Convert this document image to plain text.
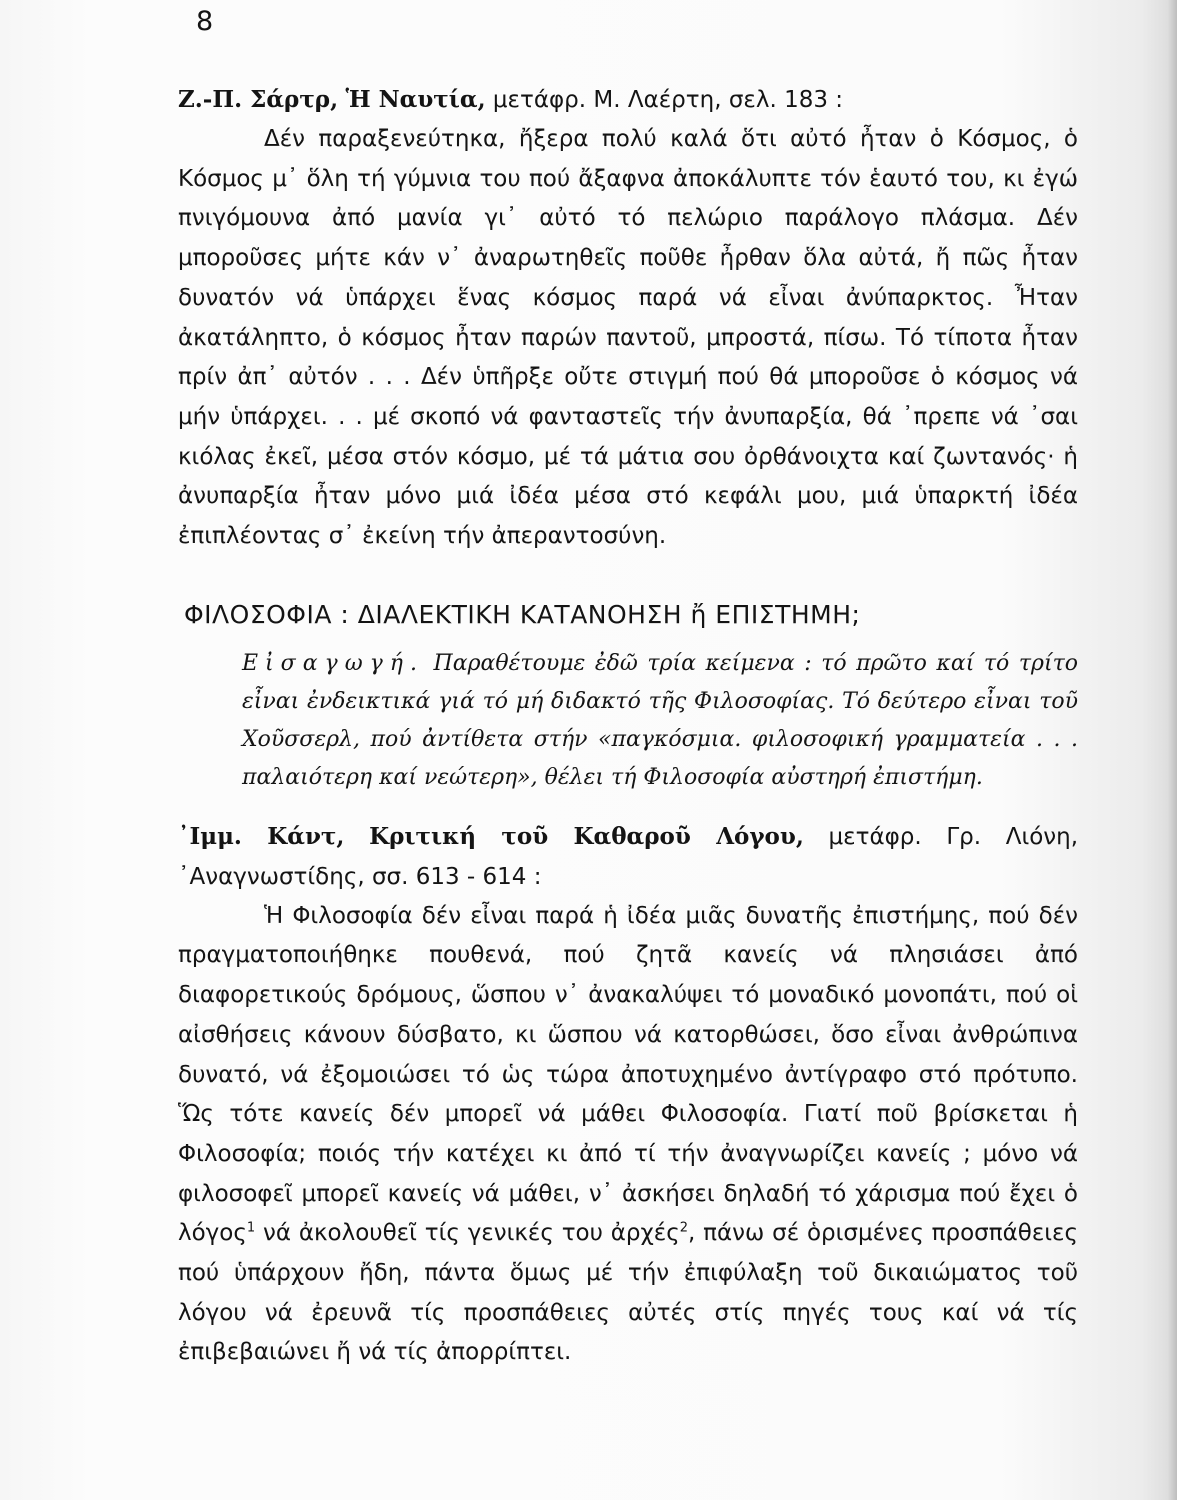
8

Ζ.-Π. Σάρτρ, Ἡ Ναυτία, μετάφρ. Μ. Λαέρτη, σελ. 183 :

Δέν παραξενεύτηκα, ἤξερα πολύ καλά ὅτι αὐτό ἦταν ὁ Κόσμος, ὁ Κόσμος μ᾽ ὅλη τή γύμνια του πού ἄξαφνα ἀποκάλυπτε τόν ἑαυτό του, κι ἐγώ πνιγόμουνα ἀπό μανία γι᾽ αὐτό τό πελώριο παράλογο πλάσμα. Δέν μποροῦσες μήτε κάν ν᾽ ἀναρωτηθεῖς ποῦθε ἦρθαν ὅλα αὐτά, ἤ πῶς ἦταν δυνατόν νά ὑπάρχει ἕνας κόσμος παρά νά εἶναι ἀνύπαρκτος. Ἦταν ἀκατάληπτο, ὁ κόσμος ἦταν παρών παντοῦ, μπροστά, πίσω. Τό τίποτα ἦταν πρίν ἀπ᾽ αὐτόν . . . Δέν ὑπῆρξε οὔτε στιγμή πού θά μποροῦσε ὁ κόσμος νά μήν ὑπάρχει. . . μέ σκοπό νά φανταστεῖς τήν ἀνυπαρξία, θά ᾽πρεπε νά ᾽σαι κιόλας ἐκεῖ, μέσα στόν κόσμο, μέ τά μάτια σου ὀρθάνοιχτα καί ζωντανός· ἡ ἀνυπαρξία ἦταν μόνο μιά ἰδέα μέσα στό κεφάλι μου, μιά ὑπαρκτή ἰδέα ἐπιπλέοντας σ᾽ ἐκείνη τήν ἀπεραντοσύνη.

ΦΙΛΟΣΟΦΙΑ : ΔΙΑΛΕΚΤΙΚΗ ΚΑΤΑΝΟΗΣΗ ἤ ΕΠΙΣΤΗΜΗ;

Εἰσαγωγή. Παραθέτουμε ἐδῶ τρία κείμενα : τό πρῶτο καί τό τρίτο εἶναι ἐνδεικτικά γιά τό μή διδακτό τῆς Φιλοσοφίας. Τό δεύτερο εἶναι τοῦ Χοῦσσερλ, πού ἀντίθετα στήν «παγκόσμια. φιλοσοφική γραμματεία . . . παλαιότερη καί νεώτερη», θέλει τή Φιλοσοφία αὐστηρή ἐπιστήμη.

᾽Ιμμ. Κάντ, Κριτική τοῦ Καθαροῦ Λόγου, μετάφρ. Γρ. Λιόνη, ᾽Αναγνωστίδης, σσ. 613 - 614 :

Ἡ Φιλοσοφία δέν εἶναι παρά ἡ ἰδέα μιᾶς δυνατῆς ἐπιστήμης, πού δέν πραγματοποιήθηκε πουθενά, πού ζητᾶ κανείς νά πλησιάσει ἀπό διαφορετικούς δρόμους, ὥσπου ν᾽ ἀνακαλύψει τό μοναδικό μονοπάτι, πού οἱ αἰσθήσεις κάνουν δύσβατο, κι ὥσπου νά κατορθώσει, ὅσο εἶναι ἀνθρώπινα δυνατό, νά ἐξομοιώσει τό ὡς τώρα ἀποτυχημένο ἀντίγραφο στό πρότυπο. Ὥς τότε κανείς δέν μπορεῖ νά μάθει Φιλοσοφία. Γιατί ποῦ βρίσκεται ἡ Φιλοσοφία; ποιός τήν κατέχει κι ἀπό τί τήν ἀναγνωρίζει κανείς ; μόνο νά φιλοσοφεῖ μπορεῖ κανείς νά μάθει, ν᾽ ἀσκήσει δηλαδή τό χάρισμα πού ἔχει ὁ λόγος$^1$ νά ἀκολουθεῖ τίς γενικές του ἀρχές$^2$, πάνω σέ ὁρισμένες προσπάθειες πού ὑπάρχουν ἤδη, πάντα ὅμως μέ τήν ἐπιφύλαξη τοῦ δικαιώματος τοῦ λόγου νά ἐρευνᾶ τίς προσπάθειες αὐτές στίς πηγές τους καί νά τίς ἐπιβεβαιώνει ἤ νά τίς ἀπορρίπτει.
